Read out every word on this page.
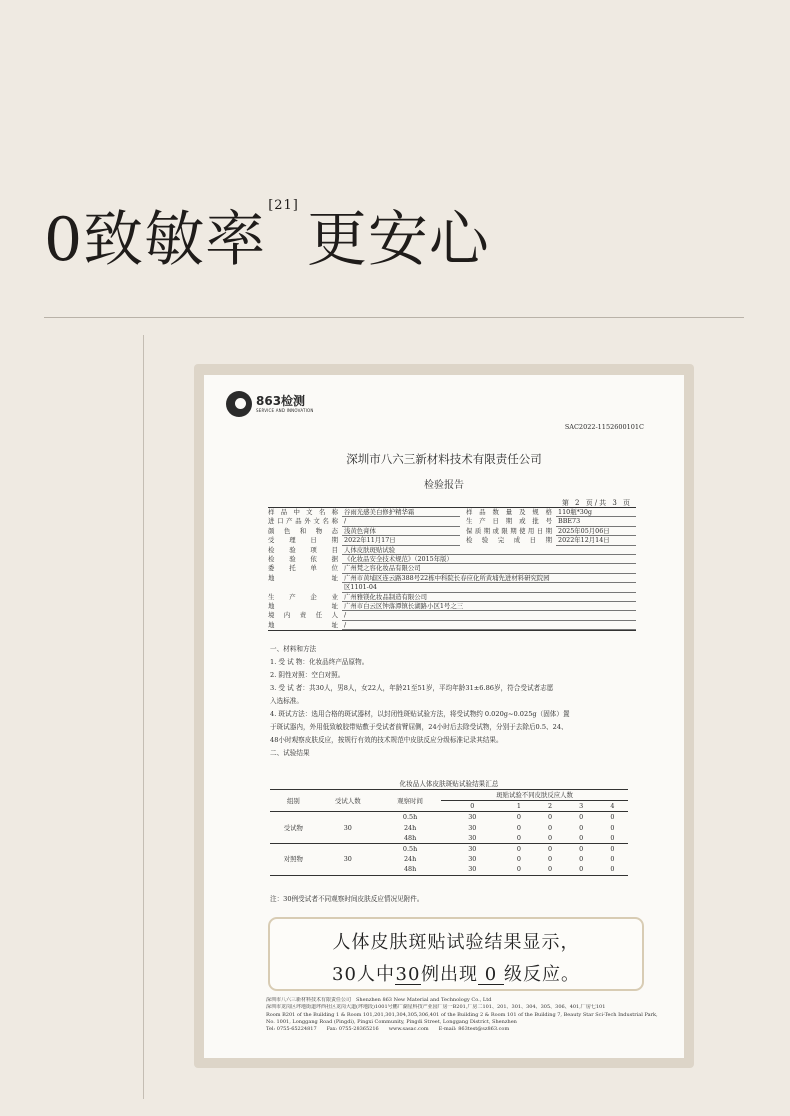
0致敏率 [21] 更安心
863检测
SERVICE AND INNOVATION
SAC2022-1152600101C
深圳市八六三新材料技术有限责任公司
检验报告
第 2 页/共 3 页
样品中文名称 谷雨光感美白修护精华霜	样品数量及规格 110瓶*30g
进口产品外文名称 /	生产日期或批号 BBE73
颜色和物态 浅黄色膏体	保质期或限期使用日期 2025年05月06日
受理日期 2022年11月17日	检验完成日期 2022年12月14日
检验项目 人体皮肤斑贴试验
检验依据 《化妆品安全技术规范》（2015年版）
委托单位 广州梵之容化妆品有限公司
地址 广州市黄埔区连云路388号22栋中科院长春应化所黄埔先进材料研究院园
区1101-04
生产企业 广州雅镁化妆品制造有限公司
地址 广州市白云区钟落潭镇长湖路小区1号之三
境内责任人 /
地址 /

一、材料和方法

1. 受 试 物：化妆品终产品原物。

2. 阴性对照：空白对照。

3. 受 试 者：共30人，男8人，女22人，年龄21至51岁，平均年龄31±6.86岁，符合受试者志愿

入选标准。

4. 斑试方法：选用合格的斑试器材，以封闭性斑贴试验方法，将受试物约 0.020g~0.025g（固体）置

于斑试器内，外用低致敏胶带贴敷于受试者前臂屈侧，24小时后去除受试物，分别于去除后0.5、24、

48小时观察皮肤反应，按规行有效的技术规范中皮肤反应分级标准记录其结果。

二、试验结果

化妆品人体皮肤斑贴试验结果汇总
组别	受试人数	观察时间	斑贴试验不同皮肤反应人数				
			0	1	2	3	4
		0.5h	30	0	0	0	0
受试物	30	24h	30	0	0	0	0
		48h	30	0	0	0	0
		0.5h	30	0	0	0	0
对照物	30	24h	30	0	0	0	0
		48h	30	0	0	0	0
注：30例受试者不同观察时间皮肤反应情况见附件。
人体皮肤斑贴试验结果显示，
30人中30例出现 0 级反应。

深圳市八六三新材料技术有限责任公司　Shenzhen 863 New Material and Technology Co., Ltd

深圳市龙岗区坪地街道坪西社区龙岗大道(坪地段)1001号鹏广湖星科技产业园厂房一B201,厂房二101、201、301、304、305、306、401,厂房七101

Room B201 of the Building 1 & Room 101,201,301,304,305,306,401 of the Building 2 & Room 101 of the Building 7, Beauty Star Sci-Tech Industrial Park,

No. 1001, Longgang Road (Pingdi), Pingxi Community, Pingdi Street, Longgang District, Shenzhen

Tel: 0755-65224817　　Fax: 0755-28365216　　www.sasac.com　　E-mail: 863test@sz863.com
